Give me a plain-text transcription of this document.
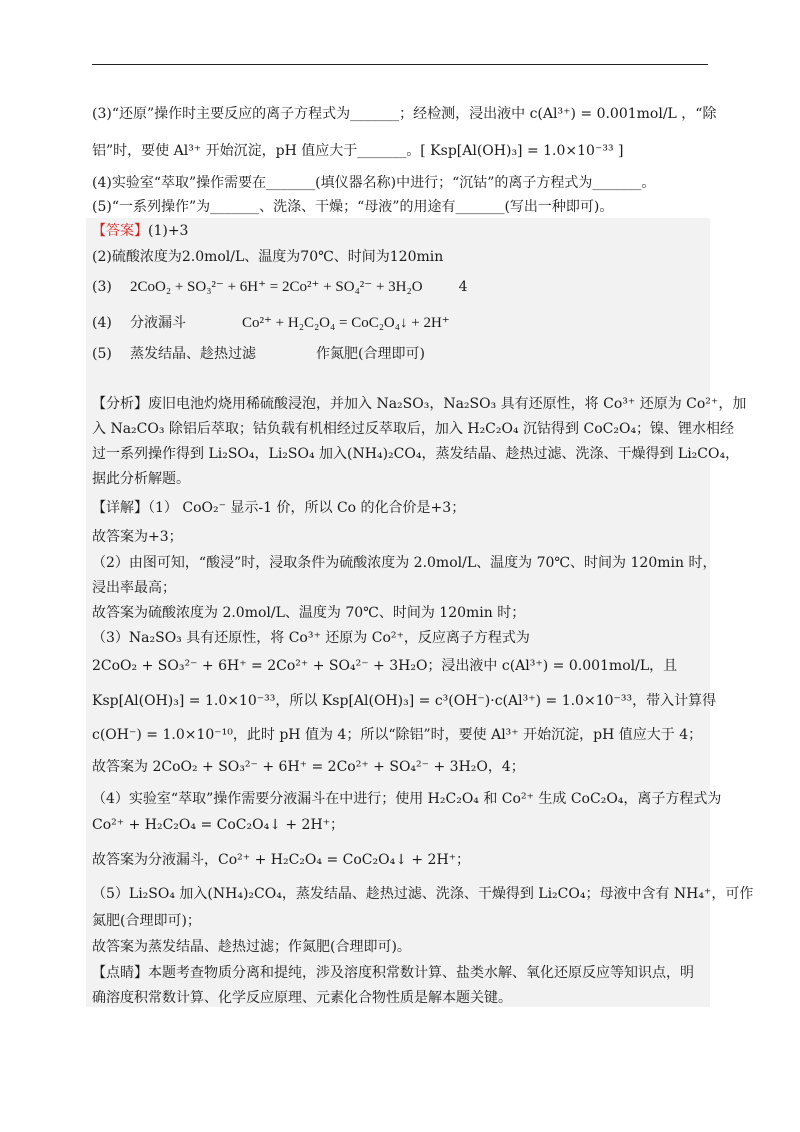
(3)“还原”操作时主要反应的离子方程式为_______；经检测，浸出液中 c(Al³⁺) = 0.001mol/L ，“除
铝”时，要使 Al³⁺ 开始沉淀，pH 值应大于_______。[ Ksp[Al(OH)₃] = 1.0×10⁻³³ ]
(4)实验室“萃取”操作需要在_______(填仪器名称)中进行；“沉钴”的离子方程式为_______。
(5)“一系列操作”为_______、洗涤、干燥；“母液”的用途有_______(写出一种即可)。
【答案】(1)+3
(2)硫酸浓度为2.0mol/L、温度为70℃、时间为120min
(3) 2CoO₂ + SO₃²⁻ + 6H⁺ = 2Co²⁺ + SO₄²⁻ + 3H₂O	4
(4) 分液漏斗	Co²⁺ + H₂C₂O₄ = CoC₂O₄↓ + 2H⁺
(5) 蒸发结晶、趁热过滤	作氮肥(合理即可)
【分析】废旧电池灼烧用稀硫酸浸泡，并加入 Na₂SO₃，Na₂SO₃ 具有还原性，将 Co³⁺ 还原为 Co²⁺，加
入 Na₂CO₃ 除铝后萃取；钴负载有机相经过反萃取后，加入 H₂C₂O₄ 沉钴得到 CoC₂O₄；镍、锂水相经
过一系列操作得到 Li₂SO₄，Li₂SO₄ 加入(NH₄)₂CO₄，蒸发结晶、趁热过滤、洗涤、干燥得到 Li₂CO₄，
据此分析解题。
【详解】（1） CoO₂⁻ 显示-1 价，所以 Co 的化合价是+3；
故答案为+3；
（2）由图可知，“酸浸”时，浸取条件为硫酸浓度为 2.0mol/L、温度为 70℃、时间为 120min 时，
浸出率最高；
故答案为硫酸浓度为 2.0mol/L、温度为 70℃、时间为 120min 时；
（3）Na₂SO₃ 具有还原性，将 Co³⁺ 还原为 Co²⁺，反应离子方程式为
2CoO₂ + SO₃²⁻ + 6H⁺ = 2Co²⁺ + SO₄²⁻ + 3H₂O；浸出液中 c(Al³⁺) = 0.001mol/L，且
Ksp[Al(OH)₃] = 1.0×10⁻³³，所以 Ksp[Al(OH)₃] = c³(OH⁻)·c(Al³⁺) = 1.0×10⁻³³，带入计算得
c(OH⁻) = 1.0×10⁻¹⁰，此时 pH 值为 4；所以“除铝”时，要使 Al³⁺ 开始沉淀，pH 值应大于 4；
故答案为 2CoO₂ + SO₃²⁻ + 6H⁺ = 2Co²⁺ + SO₄²⁻ + 3H₂O，4；
（4）实验室“萃取”操作需要分液漏斗在中进行；使用 H₂C₂O₄ 和 Co²⁺ 生成 CoC₂O₄，离子方程式为
Co²⁺ + H₂C₂O₄ = CoC₂O₄↓ + 2H⁺；
故答案为分液漏斗，Co²⁺ + H₂C₂O₄ = CoC₂O₄↓ + 2H⁺；
（5）Li₂SO₄ 加入(NH₄)₂CO₄，蒸发结晶、趁热过滤、洗涤、干燥得到 Li₂CO₄；母液中含有 NH₄⁺，可作
氮肥(合理即可)；
故答案为蒸发结晶、趁热过滤；作氮肥(合理即可)。
【点睛】本题考查物质分离和提纯，涉及溶度积常数计算、盐类水解、氧化还原反应等知识点，明
确溶度积常数计算、化学反应原理、元素化合物性质是解本题关键。
